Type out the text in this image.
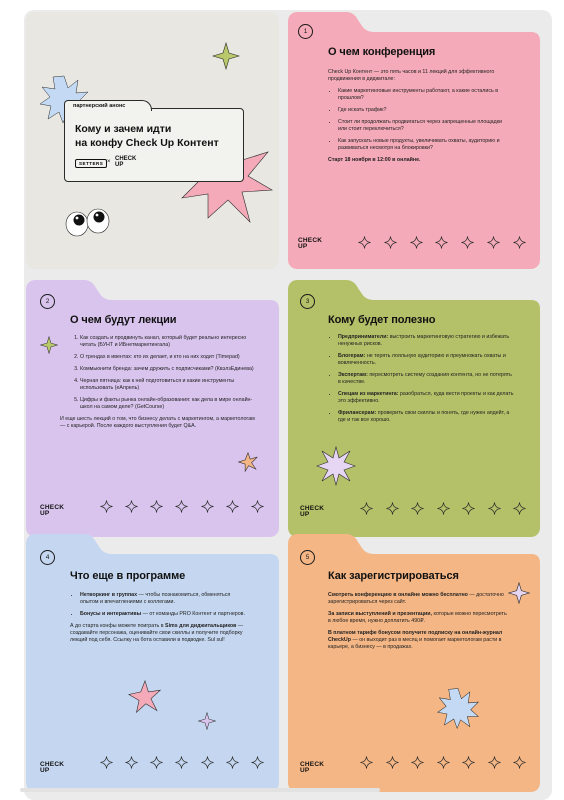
партнерский анонс
Кому и зачем идти
на конфу Check Up Контент
SETTERS × CHECK
UP
1
О чем конференция

Check Up Контент — это пять часов и 11 лекций для эффективного продвижения в диджитале:

• Какие маркетинговые инструменты работают, а какие остались в прошлом?
• Где искать трафик?
• Стоит ли продолжать продвигаться через запрещенные площадки или стоит переключиться?
• Как запускать новые продукты, увеличивать охваты, аудиторию и развиваться несмотря на блокировки?

Старт 18 ноября в 12:00 в онлайне.

CHECK
UP
2
О чем будут лекции
1. Как создать и продвинуть канал, который будет реально интересно читать (БУНТ и ИБнетмаркетингала)
2. О трендах в ивентах: кто их делает, и кто на них ходит (Timepad)
3. Коммьюнити бренда: зачем дружить с подписчиками? (КвэлзЕдинева)
4. Черная пятница: как к ней подготовиться и какие инструменты использовать (еАпрель)
5. Цифры и факты рынка онлайн-образования: как дела в мире онлайн-школ на самом деле? (GetCourse)

И еще шесть лекций о том, что бизнесу делать с маркетингом, а маркетологам — с карьерой. После каждого выступления будет Q&A.

CHECK
UP
3
Кому будет полезно
• Предприниматели: выстроить маркетинговую стратегию и избежать ненужных рисков.
• Блогерам: не терять лояльную аудиторию и преумножать охваты и вовлеченность.
• Экспертам: пересмотреть систему создания контента, но не потерять в качестве.
• Спецам из маркетинга: разобраться, куда вести проекты и как делать это эффективно.
• Фрилансерам: проверить свои скиллы и понять, где нужен апдейт, а где и так все хорошо.
CHECK
UP
4
Что еще в программе
• Нетворкинг в группах — чтобы познакомиться, обменяться опытом и впечатлениями с коллегами.
• Бонусы и интерактивы — от команды PRO Контент и партнеров.

А до старта конфы можете поиграть в Sims для диджитальщиков — создавайте персонажа, оценивайте свои скиллы и получите подборку лекций под себя. Ссылку на бота оставили в подводке. Sul sul!

CHECK
UP
5
Как зарегистрироваться

Смотреть конференцию в онлайне можно бесплатно — достаточно зарегистрироваться через сайт.

За записи выступлений и презентации, которые можно пересмотреть в любое время, нужно доплатить 490₽.

В платном тарифе бонусом получите подписку на онлайн-журнал CheckUp — он выходит раз в месяц и помогает маркетологам расти в карьере, а бизнесу — в продажах.

CHECK
UP
